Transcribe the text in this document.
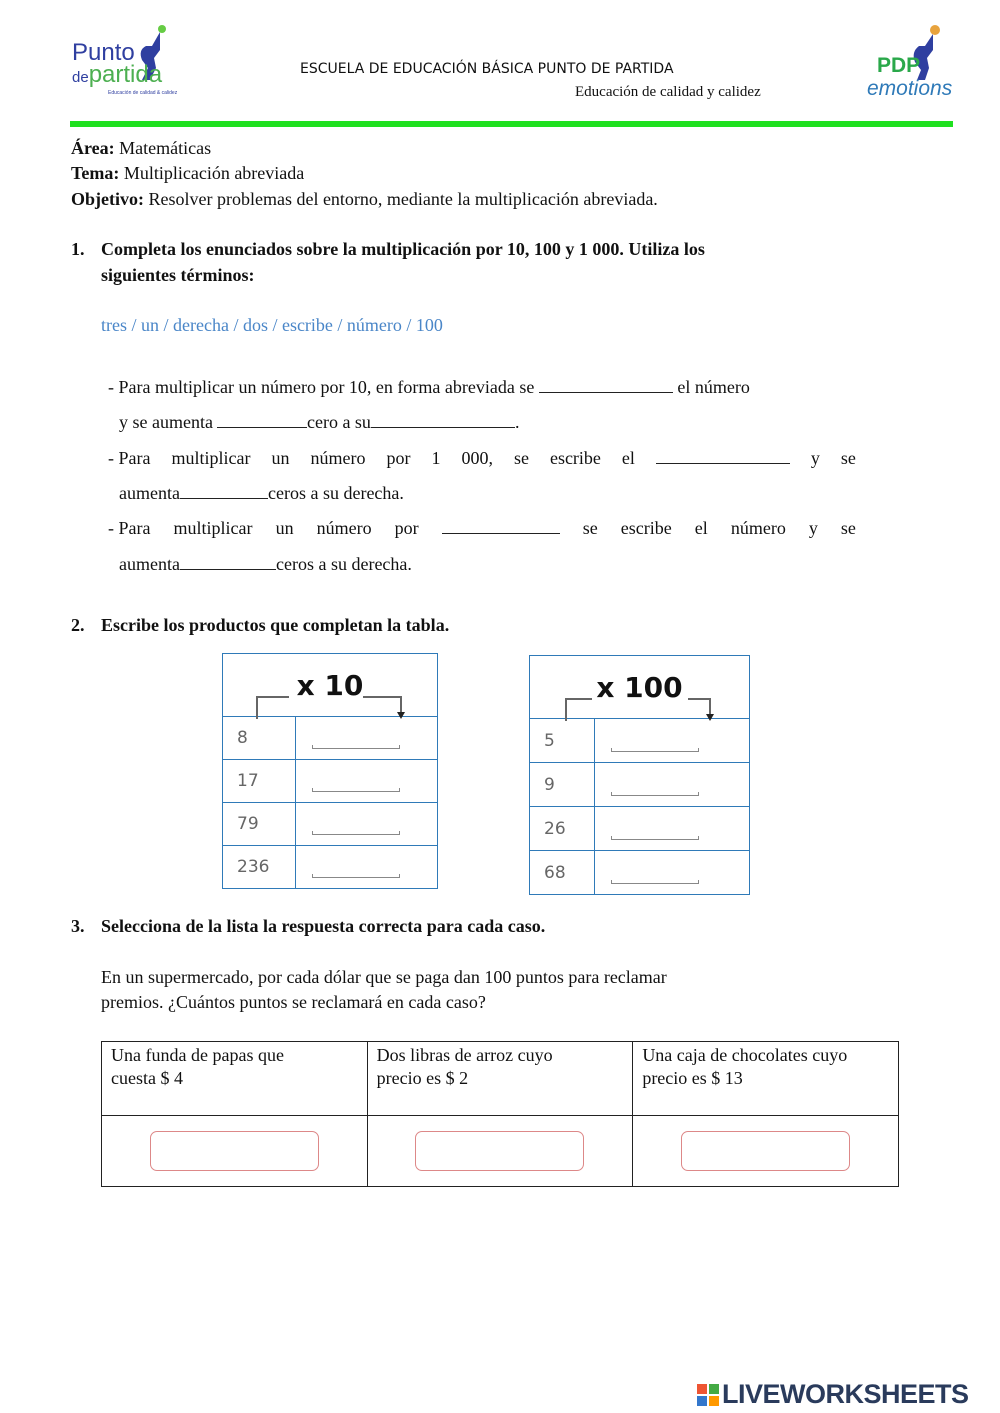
Punto
departida
Educación de calidad & calidez
ESCUELA DE EDUCACIÓN BÁSICA PUNTO DE PARTIDA
Educación de calidad y calidez
PDP
emotions
Área: Matemáticas
Tema: Multiplicación abreviada
Objetivo: Resolver problemas del entorno, mediante la multiplicación abreviada.
1. Completa los enunciados sobre la multiplicación por 10, 100 y 1 000. Utiliza los
siguientes términos:
tres / un / derecha / dos / escribe / número / 100
- Para multiplicar un número por 10, en forma abreviada se	el número
y se aumenta	cero a su	.
- Para multiplicar un número por 1 000, se escribe el	y se
aumenta	ceros a su derecha.
- Para multiplicar un número por	se escribe el número y se
aumenta	ceros a su derecha.
2. Escribe los productos que completan la tabla.
x 10	

8	

17	

79	

236	
x 100	

5	

9	

26	

68	
3. Selecciona de la lista la respuesta correcta para cada caso.
En un supermercado, por cada dólar que se paga dan 100 puntos para reclamar
premios. ¿Cuántos puntos se reclamará en cada caso?
Una funda de papas que
cuesta $ 4	Dos libras de arroz cuyo
precio es $ 2	Una caja de chocolates cuyo
precio es $ 13

LIVEWORKSHEETS
